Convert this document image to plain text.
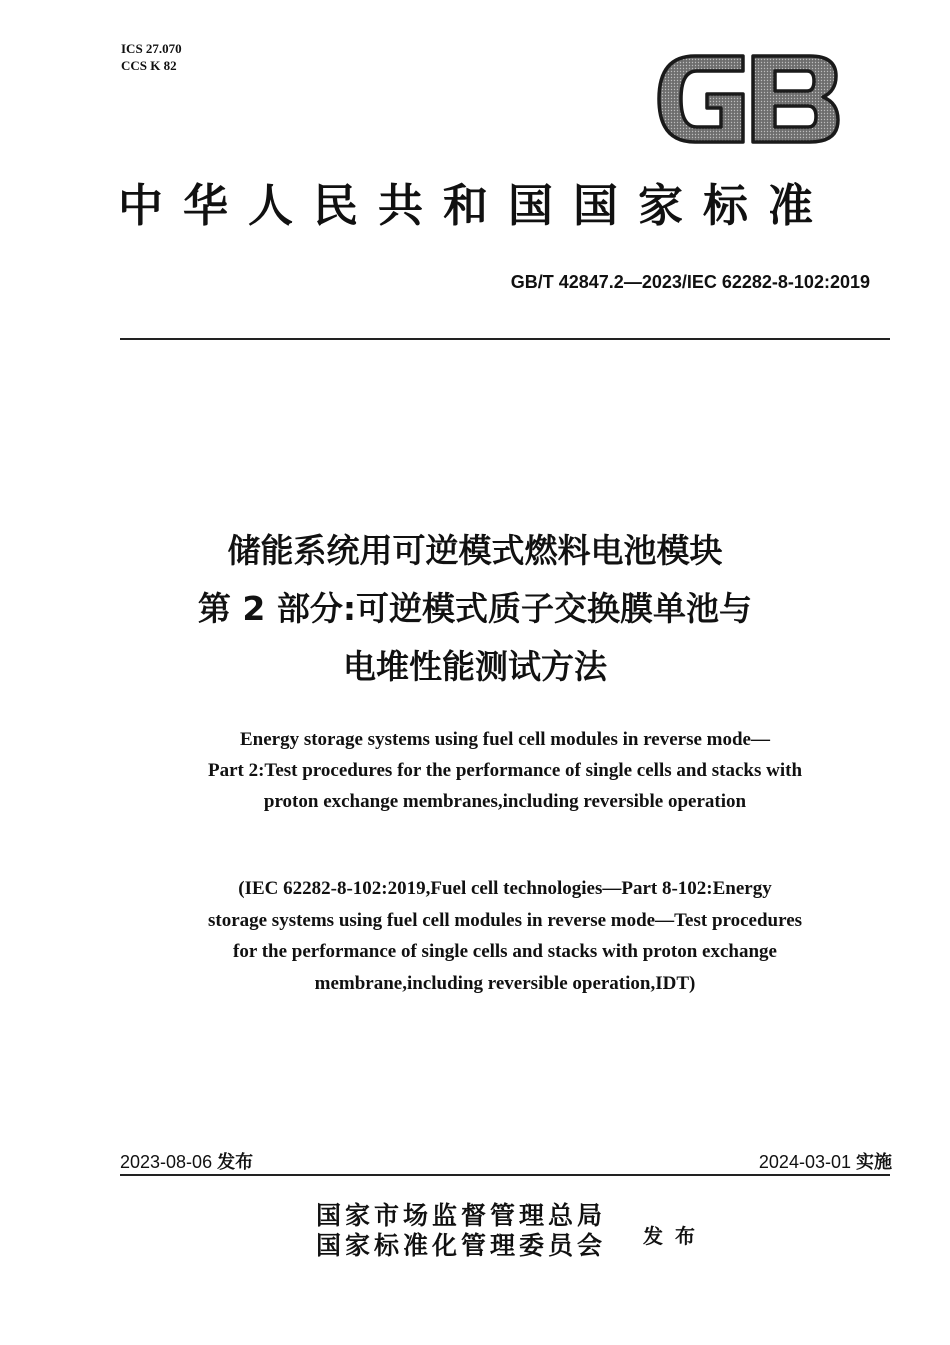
ICS 27.070
CCS K 82
中华人民共和国国家标准
GB/T 42847.2—2023/IEC 62282-8-102:2019
储能系统用可逆模式燃料电池模块
第 2 部分:可逆模式质子交换膜单池与
电堆性能测试方法
Energy storage systems using fuel cell modules in reverse mode—
Part 2:Test procedures for the performance of single cells and stacks with
proton exchange membranes,including reversible operation
(IEC 62282-8-102:2019,Fuel cell technologies—Part 8-102:Energy
storage systems using fuel cell modules in reverse mode—Test procedures
for the performance of single cells and stacks with proton exchange
membrane,including reversible operation,IDT)
2023-08-06 发布	2024-03-01 实施
国家市场监督管理总局
国家标准化管理委员会 发布
